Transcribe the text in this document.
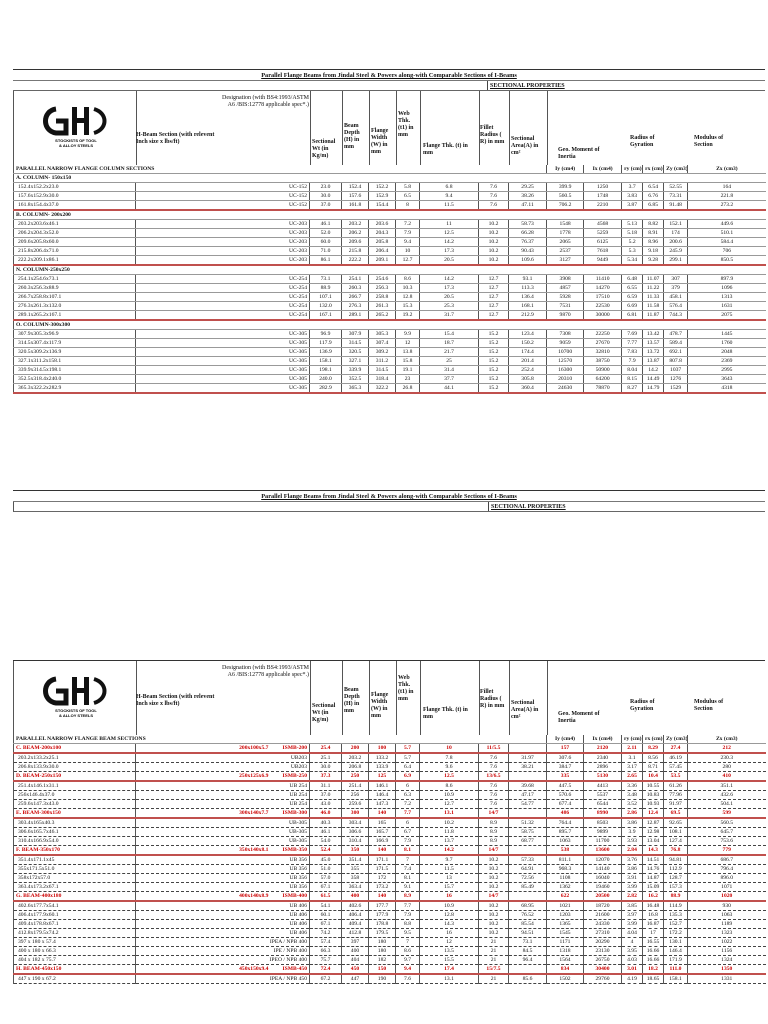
Parallel Flange Beams from Jindal Steel & Powers along-with Comparable Sections of I-Beams
SECTIONAL PROPERTIES
STOCKISTS OF TOOL
& ALLOY STEELS
H-Beam Section (with relevent Inch size x lbs/ft)
Designation (with BS4:1993/ASTM A6 /BIS:12778 applicable spec*.)
Sectional Wt (in Kg/m)
Beam Depth (H) in mm
Flange Width (W) in mm
Web Thk. (t1) in mm
Flange Thk. (t) in mm
Fillet Radius ( R) in mm	Sectional Area(A) in cm²	Geo. Moment of Inertia
Radius of Gyration
Modulus of Section
PARALLEL NARROW FLANGE COLUMN SECTIONS									Iy (cm4)	Ix (cm4)	ry (cm)	rx (cm)	Zy (cm3)	Zx (cm3)
A. COLUMN- 150x150														
152.4x152.2x23.0	UC-152	23.0	152.4	152.2	5.8	6.8	7.6	29.25	399.9	1250	3.7	6.54	52.55	164
157.6x152.9x30.0	UC-152	30.0	157.6	152.9	6.5	9.4	7.6	38.26	560.5	1748	3.83	6.76	73.31	221.8
161.8x154.4x37.0	UC-152	37.0	161.8	154.4	8	11.5	7.6	47.11	706.2	2210	3.87	6.85	91.48	273.2
B. COLUMN- 200x200														
203.2x203.6x46.1	UC-203	46.1	203.2	203.6	7.2	11	10.2	58.73	1548	4568	5.13	8.82	152.1	449.6
206.2x204.3x52.0	UC-203	52.0	206.2	204.3	7.9	12.5	10.2	66.28	1778	5259	5.18	8.91	174	510.1
209.6x205.8x60.0	UC-203	60.0	209.6	205.8	9.4	14.2	10.2	76.37	2065	6125	5.2	8.96	200.6	584.4
215.8x206.4x71.0	UC-203	71.0	215.8	206.4	10	17.3	10.2	90.43	2537	7618	5.3	9.18	245.9	706
222.2x209.1x86.1	UC-203	86.1	222.2	209.1	12.7	20.5	10.2	109.6	3127	9449	5.34	9.28	299.1	850.5
N. COLUMN-250x250														
254.1x254.6x73.1	UC-254	73.1	254.1	254.6	8.6	14.2	12.7	93.1	3908	11410	6.48	11.07	307	897.9
260.3x256.3x88.9	UC-254	88.9	260.3	256.3	10.3	17.3	12.7	113.3	4857	14270	6.55	11.22	379	1096
266.7x258.8x107.1	UC-254	107.1	266.7	258.8	12.8	20.5	12.7	136.4	5928	17510	6.59	11.33	458.1	1313
276.3x261.3x132.0	UC-254	132.0	276.3	261.3	15.3	25.3	12.7	168.1	7531	22530	6.69	11.58	576.4	1631
289.1x265.2x167.1	UC-254	167.1	289.1	265.2	19.2	31.7	12.7	212.9	9870	30000	6.81	11.87	744.3	2075
O. COLUMN-300x300														
307.9x305.3x96.9	UC-305	96.9	307.9	305.3	9.9	15.4	15.2	123.4	7308	22250	7.69	13.42	478.7	1445
314.5x307.4x117.9	UC-305	117.9	314.5	307.4	12	18.7	15.2	150.2	9059	27670	7.77	13.57	589.4	1760
320.5x309.2x136.9	UC-305	136.9	320.5	309.2	13.8	21.7	15.2	174.4	10700	32810	7.83	13.72	692.1	2048
327.1x311.2x158.1	UC-305	158.1	327.1	311.2	15.8	25	15.2	201.4	12570	38750	7.9	13.87	807.8	2369
339.9x314.5x198.1	UC-305	198.1	339.9	314.5	19.1	31.4	15.2	252.4	16300	50900	8.04	14.2	1037	2995
352.5x318.4x240.0	UC-305	240.0	352.5	318.4	23	37.7	15.2	305.8	20310	64200	8.15	14.49	1276	3643
365.3x322.2x282.9	UC-305	282.9	365.3	322.2	26.8	44.1	15.2	360.4	24630	78870	8.27	14.79	1529	4318
Parallel Flange Beams from Jindal Steel & Powers along-with Comparable Sections of I-Beams
SECTIONAL PROPERTIES
STOCKISTS OF TOOL
& ALLOY STEELS
H-Beam Section (with relevent Inch size x lbs/ft)
Designation (with BS4:1993/ASTM A6 /BIS:12778 applicable spec*.)
Sectional Wt (in Kg/m)
Beam Depth (H) in mm
Flange Width (W) in mm
Web Thk. (t1) in mm
Flange Thk. (t) in mm
Fillet Radius ( R) in mm	Sectional Area(A) in cm²	Geo. Moment of Inertia
Radius of Gyration
Modulus of Section
PARALLEL NARROW FLANGE BEAM SECTIONS									Iy (cm4)	Ix (cm4)	ry (cm)	rx (cm)	Zy (cm3)	Zx (cm3)
C. BEAM-200x100	200x100x5.7          ISMB-200	25.4	200	100	5.7	10	11/5.5		157	2120	2.11	8.29	27.4	212
203.2x133.2x25.1	UB203	25.1	203.2	133.2	5.7	7.8	7.6	31.97	307.6	2340	3.1	8.56	46.19	230.3
206.8x133.9x30.0	UB203	30.0	206.8	133.9	6.4	9.6	7.6	38.21	384.7	2896	3.17	8.71	57.45	280
D. BEAM-250x150	250x125x6.9          ISMB-250	37.3	250	125	6.9	12.5	13/6.5		335	5130	2.65	10.4	53.5	410
251.4x146.1x31.1	UB 254	31.1	251.4	146.1	6	8.6	7.6	39.68	447.5	4413	3.36	10.55	61.26	351.1
256x146.4x37.0	UB 254	37.0	256	146.4	6.3	10.9	7.6	47.17	570.6	5537	3.48	10.83	77.96	432.6
259.6x147.3x43.0	UB 254	43.0	259.6	147.3	7.2	12.7	7.6	54.77	677.4	6544	3.52	10.93	91.97	504.1
E. BEAM-300x150	300x140x7.7          ISMB-300	46.0	300	140	7.7	13.1	14/7		486	8990	2.86	12.4	69.5	599
303.4x165x40.3	UB-305	40.3	303.4	165	6	10.2	8.9	51.32	764.4	8503	3.86	12.87	92.65	560.5
306.6x165.7x46.1	UB-305	46.1	306.6	165.7	6.7	11.8	8.9	58.75	895.7	9899	3.9	12.98	108.1	645.7
310.4x166.9x54.0	UB-305	54.0	310.4	166.9	7.9	13.7	8.9	68.77	1063	11700	3.93	13.04	127.4	753.6
F. BEAM-350x170	350x140x8.1          ISMB-350	52.4	350	140	8.1	14.2	14/7		538	13600	2.84	14.3	76.8	779
351.4x171.1x45	UB 356	45.0	351.4	171.1	7	9.7	10.2	57.33	811.1	12070	3.76	14.51	94.81	686.7
355x171.5x51.0	UB 356	51.0	355	171.5	7.4	11.5	10.2	64.91	968.3	14140	3.86	14.76	112.9	796.4
358x172x57.0	UB 356	57.0	358	172	8.1	13	10.2	72.56	1108	16040	3.91	14.87	128.7	896.0
363.4x173.2x67.1	UB 356	67.1	363.4	173.2	9.1	15.7	10.2	85.49	1362	19460	3.99	15.09	157.3	1071
G. BEAM-400x180	400x140x8.9          ISMB-400	61.5	400	140	8.9	16	14/7		622	20500	2.82	16.2	88.9	1020
402.6x177.7x54.1	UB 406	54.1	402.6	177.7	7.7	10.9	10.2	68.95	1021	18720	3.85	16.48	114.9	930
406.4x177.9x60.1	UB 406	60.1	406.4	177.9	7.9	12.8	10.2	76.52	1203	21600	3.97	16.8	135.3	1063
409.4x178.8x67.1	UB 406	67.1	409.4	178.8	8.8	14.3	10.2	85.54	1365	24330	3.99	16.87	152.7	1189
412.8x179.5x74.2	UB 406	74.2	412.8	179.5	9.5	16	10.2	94.51	1545	27310	4.04	17	172.2	1323
397 x 180 x 57.4	IPEA / NPB 400	57.4	397	180	7	12	21	73.1	1171	20290	4	16.55	130.1	1022
400 x 180 x 66.3	IPE / NPB 400	66.3	400	180	8.6	13.5	21	84.5	1318	23130	3.95	16.66	146.4	1156
404 x 182 x 75.7	IPEO / NPB 400	75.7	404	182	9.7	15.5	21	96.4	1564	26750	4.03	16.66	171.9	1324
H. BEAM-450x150	450x150x9.4          ISMB-450	72.4	450	150	9.4	17.4	15/7.5		834	30400	3.01	18.2	111.0	1350
447 x 190 x 67.2	IPEA / NPB 450	67.2	447	190	7.6	13.1	21	85.6	1502	29760	4.19	18.65	158.1	1331
